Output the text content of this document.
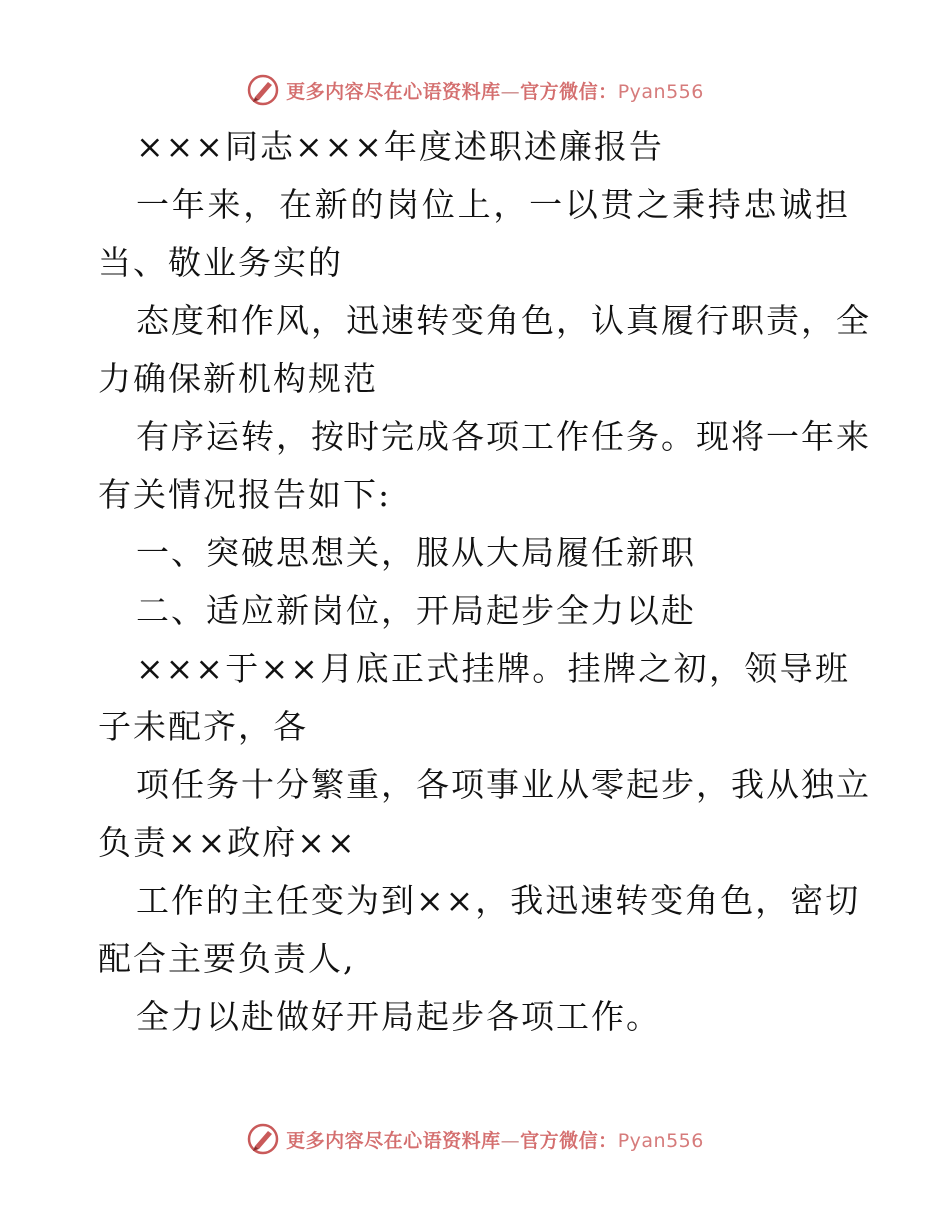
更多内容尽在心语资料库—官方微信：Pyan556
×××同志×××年度述职述廉报告
一年来，在新的岗位上，一以贯之秉持忠诚担
当、敬业务实的
态度和作风，迅速转变角色，认真履行职责，全
力确保新机构规范
有序运转，按时完成各项工作任务。现将一年来
有关情况报告如下:
一、突破思想关，服从大局履任新职
二、适应新岗位，开局起步全力以赴
×××于××月底正式挂牌。挂牌之初，领导班
子未配齐，各
项任务十分繁重，各项事业从零起步，我从独立
负责××政府××
工作的主任变为到××，我迅速转变角色，密切
配合主要负责人,
全力以赴做好开局起步各项工作。
更多内容尽在心语资料库—官方微信：Pyan556
